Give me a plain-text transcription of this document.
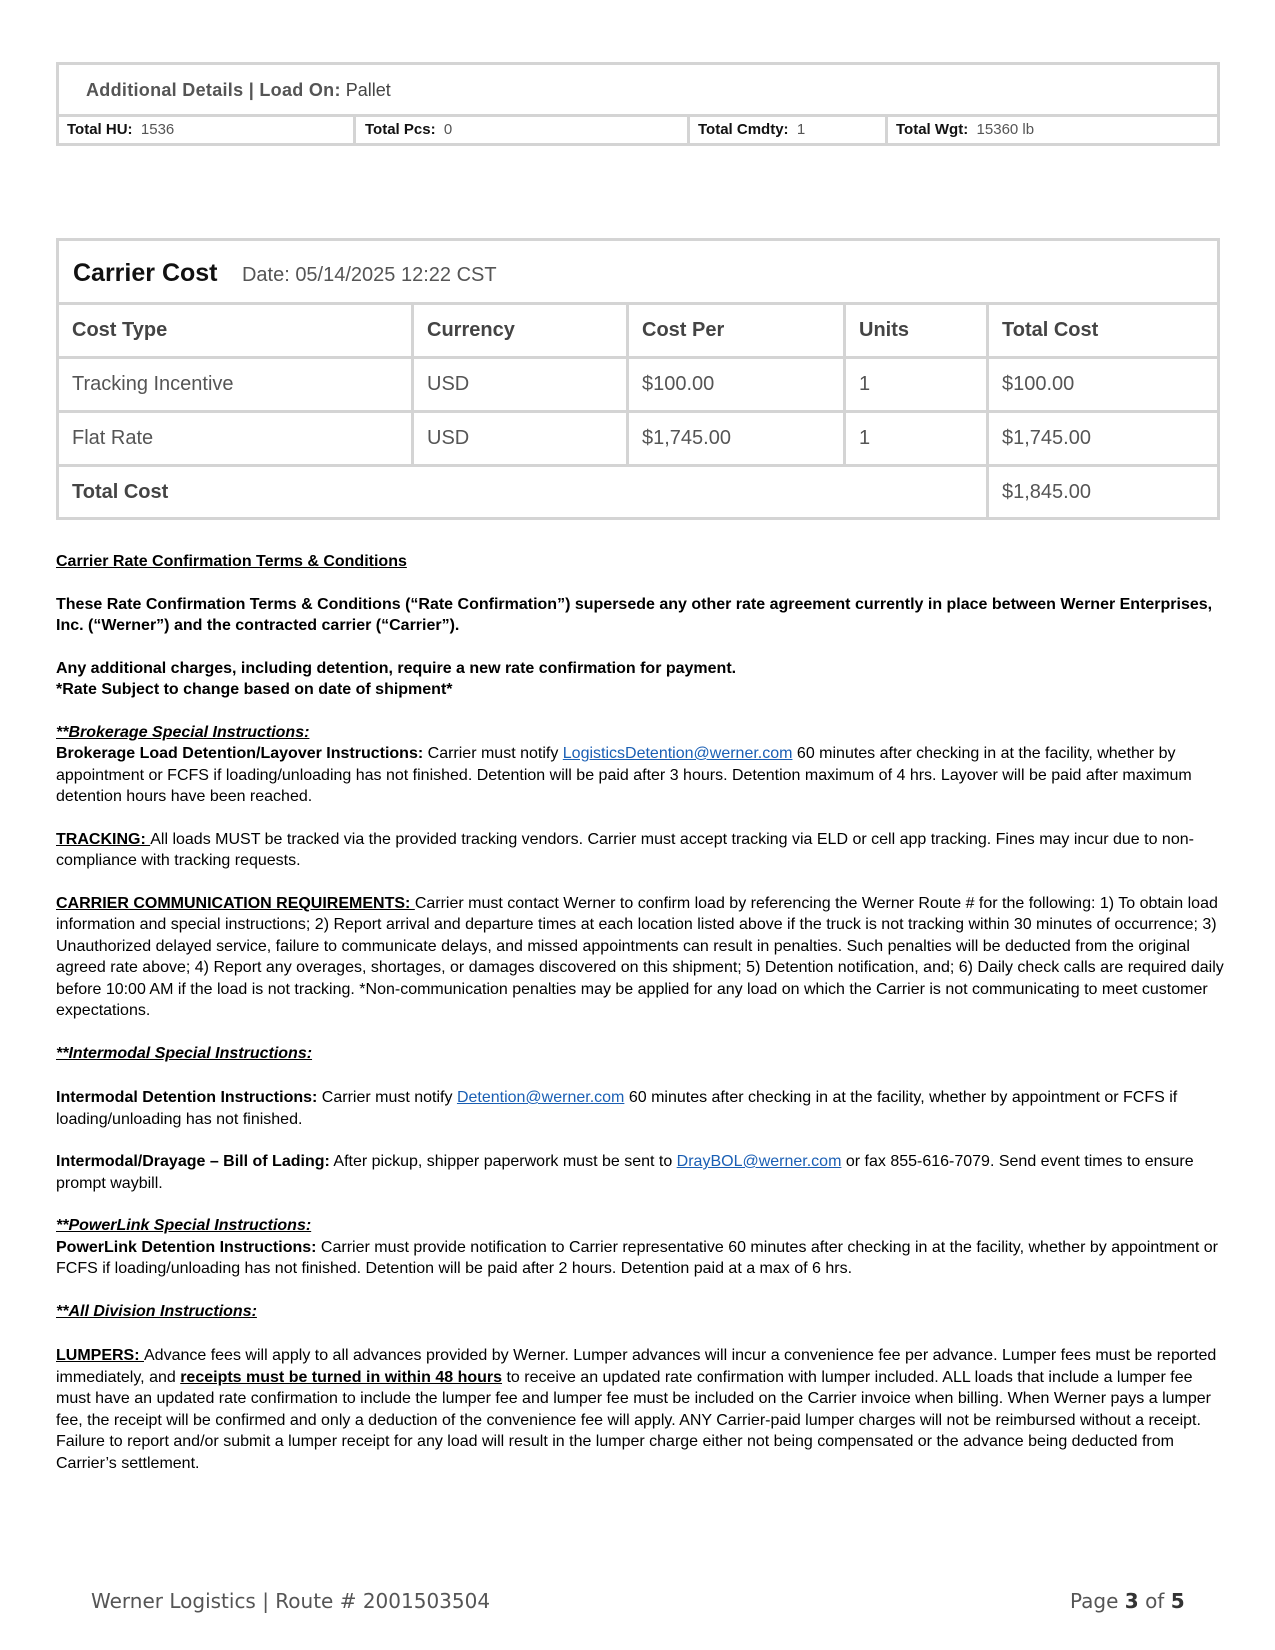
Additional Details | Load On: Pallet
Total HU: 1536	Total Pcs: 0	Total Cmdty: 1	Total Wgt: 15360 lb
Carrier Cost Date: 05/14/2025 12:22 CST
Cost Type	Currency	Cost Per	Units	Total Cost
Tracking Incentive	USD	$100.00	1	$100.00
Flat Rate	USD	$1,745.00	1	$1,745.00
Total Cost	$1,845.00

Carrier Rate Confirmation Terms & Conditions

These Rate Confirmation Terms & Conditions (“Rate Confirmation”) supersede any other rate agreement currently in place between Werner Enterprises, Inc. (“Werner”) and the contracted carrier (“Carrier”).

Any additional charges, including detention, require a new rate confirmation for payment.
*Rate Subject to change based on date of shipment*

**Brokerage Special Instructions:
Brokerage Load Detention/Layover Instructions: Carrier must notify LogisticsDetention@werner.com 60 minutes after checking in at the facility, whether by appointment or FCFS if loading/unloading has not finished. Detention will be paid after 3 hours. Detention maximum of 4 hrs. Layover will be paid after maximum detention hours have been reached.

TRACKING: All loads MUST be tracked via the provided tracking vendors. Carrier must accept tracking via ELD or cell app tracking. Fines may incur due to non-compliance with tracking requests.

CARRIER COMMUNICATION REQUIREMENTS: Carrier must contact Werner to confirm load by referencing the Werner Route # for the following: 1) To obtain load information and special instructions; 2) Report arrival and departure times at each location listed above if the truck is not tracking within 30 minutes of occurrence; 3) Unauthorized delayed service, failure to communicate delays, and missed appointments can result in penalties. Such penalties will be deducted from the original agreed rate above; 4) Report any overages, shortages, or damages discovered on this shipment; 5) Detention notification, and; 6) Daily check calls are required daily before 10:00 AM if the load is not tracking. *Non-communication penalties may be applied for any load on which the Carrier is not communicating to meet customer expectations.

**Intermodal Special Instructions:

Intermodal Detention Instructions: Carrier must notify Detention@werner.com 60 minutes after checking in at the facility, whether by appointment or FCFS if loading/unloading has not finished.

Intermodal/Drayage – Bill of Lading: After pickup, shipper paperwork must be sent to DrayBOL@werner.com or fax 855-616-7079. Send event times to ensure prompt waybill.

**PowerLink Special Instructions:
PowerLink Detention Instructions: Carrier must provide notification to Carrier representative 60 minutes after checking in at the facility, whether by appointment or FCFS if loading/unloading has not finished. Detention will be paid after 2 hours. Detention paid at a max of 6 hrs.

**All Division Instructions:

LUMPERS: Advance fees will apply to all advances provided by Werner. Lumper advances will incur a convenience fee per advance. Lumper fees must be reported immediately, and receipts must be turned in within 48 hours to receive an updated rate confirmation with lumper included. ALL loads that include a lumper fee must have an updated rate confirmation to include the lumper fee and lumper fee must be included on the Carrier invoice when billing. When Werner pays a lumper fee, the receipt will be confirmed and only a deduction of the convenience fee will apply. ANY Carrier-paid lumper charges will not be reimbursed without a receipt. Failure to report and/or submit a lumper receipt for any load will result in the lumper charge either not being compensated or the advance being deducted from Carrier’s settlement.

Werner Logistics | Route # 2001503504	Page 3 of 5
